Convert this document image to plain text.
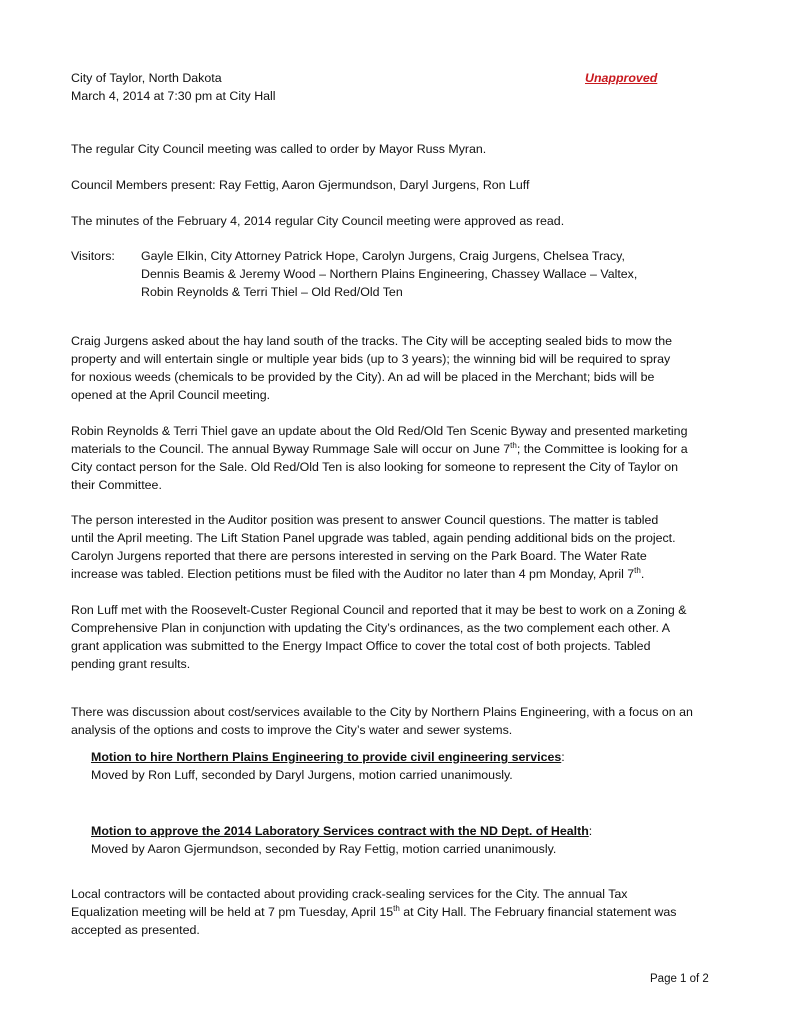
City of Taylor, North Dakota
March 4, 2014 at 7:30 pm at City Hall
Unapproved
The regular City Council meeting was called to order by Mayor Russ Myran.
Council Members present: Ray Fettig, Aaron Gjermundson, Daryl Jurgens, Ron Luff
The minutes of the February 4, 2014 regular City Council meeting were approved as read.
Visitors: Gayle Elkin, City Attorney Patrick Hope, Carolyn Jurgens, Craig Jurgens, Chelsea Tracy,
Dennis Beamis & Jeremy Wood – Northern Plains Engineering, Chassey Wallace – Valtex,
Robin Reynolds & Terri Thiel – Old Red/Old Ten
Craig Jurgens asked about the hay land south of the tracks. The City will be accepting sealed bids to mow the
property and will entertain single or multiple year bids (up to 3 years); the winning bid will be required to spray
for noxious weeds (chemicals to be provided by the City). An ad will be placed in the Merchant; bids will be
opened at the April Council meeting.
Robin Reynolds & Terri Thiel gave an update about the Old Red/Old Ten Scenic Byway and presented marketing
materials to the Council. The annual Byway Rummage Sale will occur on June 7th; the Committee is looking for a
City contact person for the Sale. Old Red/Old Ten is also looking for someone to represent the City of Taylor on
their Committee.
The person interested in the Auditor position was present to answer Council questions. The matter is tabled
until the April meeting. The Lift Station Panel upgrade was tabled, again pending additional bids on the project.
Carolyn Jurgens reported that there are persons interested in serving on the Park Board. The Water Rate
increase was tabled. Election petitions must be filed with the Auditor no later than 4 pm Monday, April 7th.
Ron Luff met with the Roosevelt-Custer Regional Council and reported that it may be best to work on a Zoning &
Comprehensive Plan in conjunction with updating the City’s ordinances, as the two complement each other. A
grant application was submitted to the Energy Impact Office to cover the total cost of both projects. Tabled
pending grant results.
There was discussion about cost/services available to the City by Northern Plains Engineering, with a focus on an
analysis of the options and costs to improve the City’s water and sewer systems.
Motion to hire Northern Plains Engineering to provide civil engineering services:
Moved by Ron Luff, seconded by Daryl Jurgens, motion carried unanimously.
Motion to approve the 2014 Laboratory Services contract with the ND Dept. of Health:
Moved by Aaron Gjermundson, seconded by Ray Fettig, motion carried unanimously.
Local contractors will be contacted about providing crack-sealing services for the City. The annual Tax
Equalization meeting will be held at 7 pm Tuesday, April 15th at City Hall. The February financial statement was
accepted as presented.
Page 1 of 2
